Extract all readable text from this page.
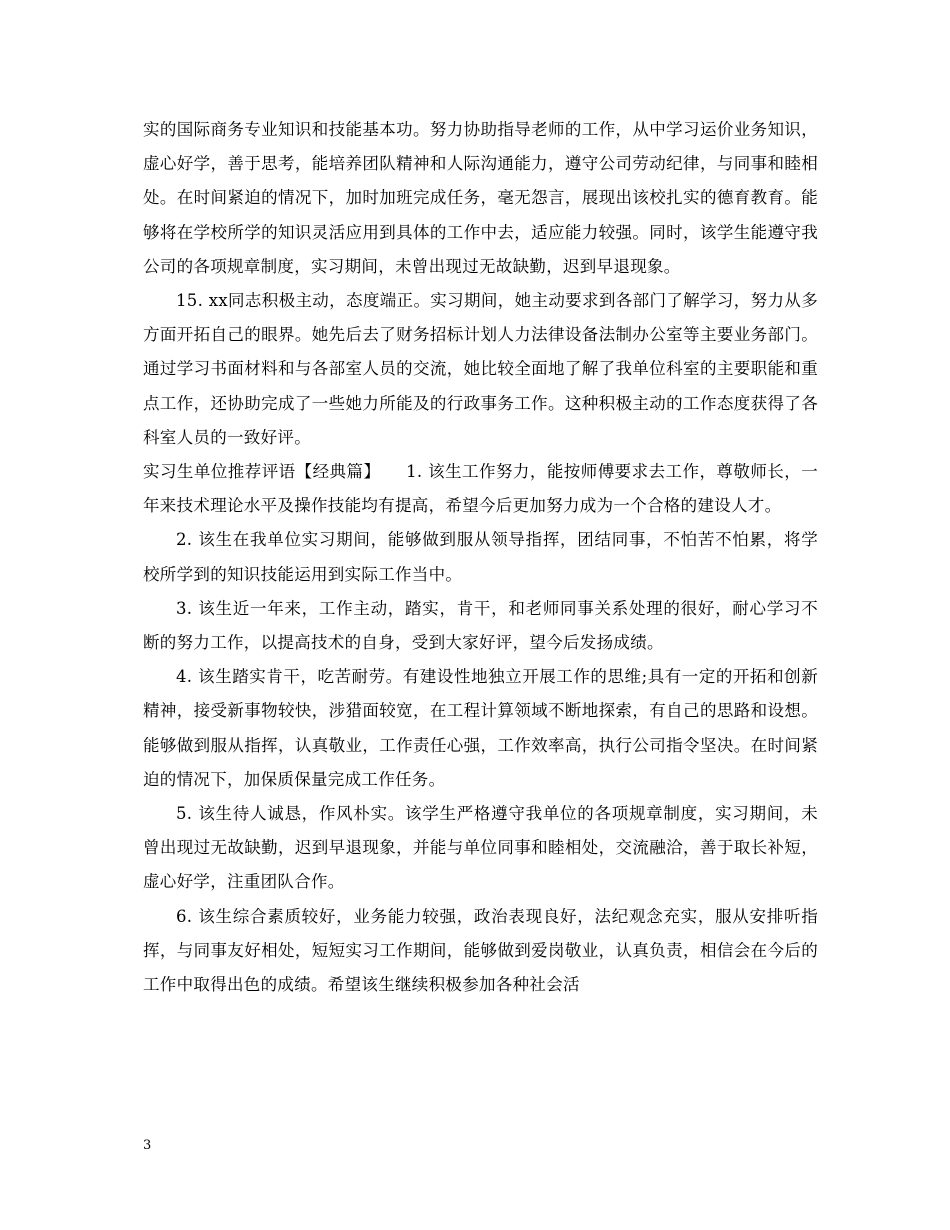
实的国际商务专业知识和技能基本功。努力协助指导老师的工作，从中学习运价业务知识，虚心好学，善于思考，能培养团队精神和人际沟通能力，遵守公司劳动纪律，与同事和睦相处。在时间紧迫的情况下，加时加班完成任务，毫无怨言，展现出该校扎实的德育教育。能够将在学校所学的知识灵活应用到具体的工作中去，适应能力较强。同时，该学生能遵守我公司的各项规章制度，实习期间，未曾出现过无故缺勤，迟到早退现象。

15. xx同志积极主动，态度端正。实习期间，她主动要求到各部门了解学习，努力从多方面开拓自己的眼界。她先后去了财务招标计划人力法律设备法制办公室等主要业务部门。通过学习书面材料和与各部室人员的交流，她比较全面地了解了我单位科室的主要职能和重点工作，还协助完成了一些她力所能及的行政事务工作。这种积极主动的工作态度获得了各科室人员的一致好评。

实习生单位推荐评语【经典篇】　　1. 该生工作努力，能按师傅要求去工作，尊敬师长，一年来技术理论水平及操作技能均有提高，希望今后更加努力成为一个合格的建设人才。

2. 该生在我单位实习期间，能够做到服从领导指挥，团结同事，不怕苦不怕累，将学校所学到的知识技能运用到实际工作当中。

3. 该生近一年来，工作主动，踏实，肯干，和老师同事关系处理的很好，耐心学习不断的努力工作，以提高技术的自身，受到大家好评，望今后发扬成绩。

4. 该生踏实肯干，吃苦耐劳。有建设性地独立开展工作的思维;具有一定的开拓和创新精神，接受新事物较快，涉猎面较宽，在工程计算领域不断地探索，有自己的思路和设想。能够做到服从指挥，认真敬业，工作责任心强，工作效率高，执行公司指令坚决。在时间紧迫的情况下，加保质保量完成工作任务。

5. 该生待人诚恳，作风朴实。该学生严格遵守我单位的各项规章制度，实习期间，未曾出现过无故缺勤，迟到早退现象，并能与单位同事和睦相处，交流融洽，善于取长补短，虚心好学，注重团队合作。

6. 该生综合素质较好，业务能力较强，政治表现良好，法纪观念充实，服从安排听指挥，与同事友好相处，短短实习工作期间，能够做到爱岗敬业，认真负责，相信会在今后的工作中取得出色的成绩。希望该生继续积极参加各种社会活

3
